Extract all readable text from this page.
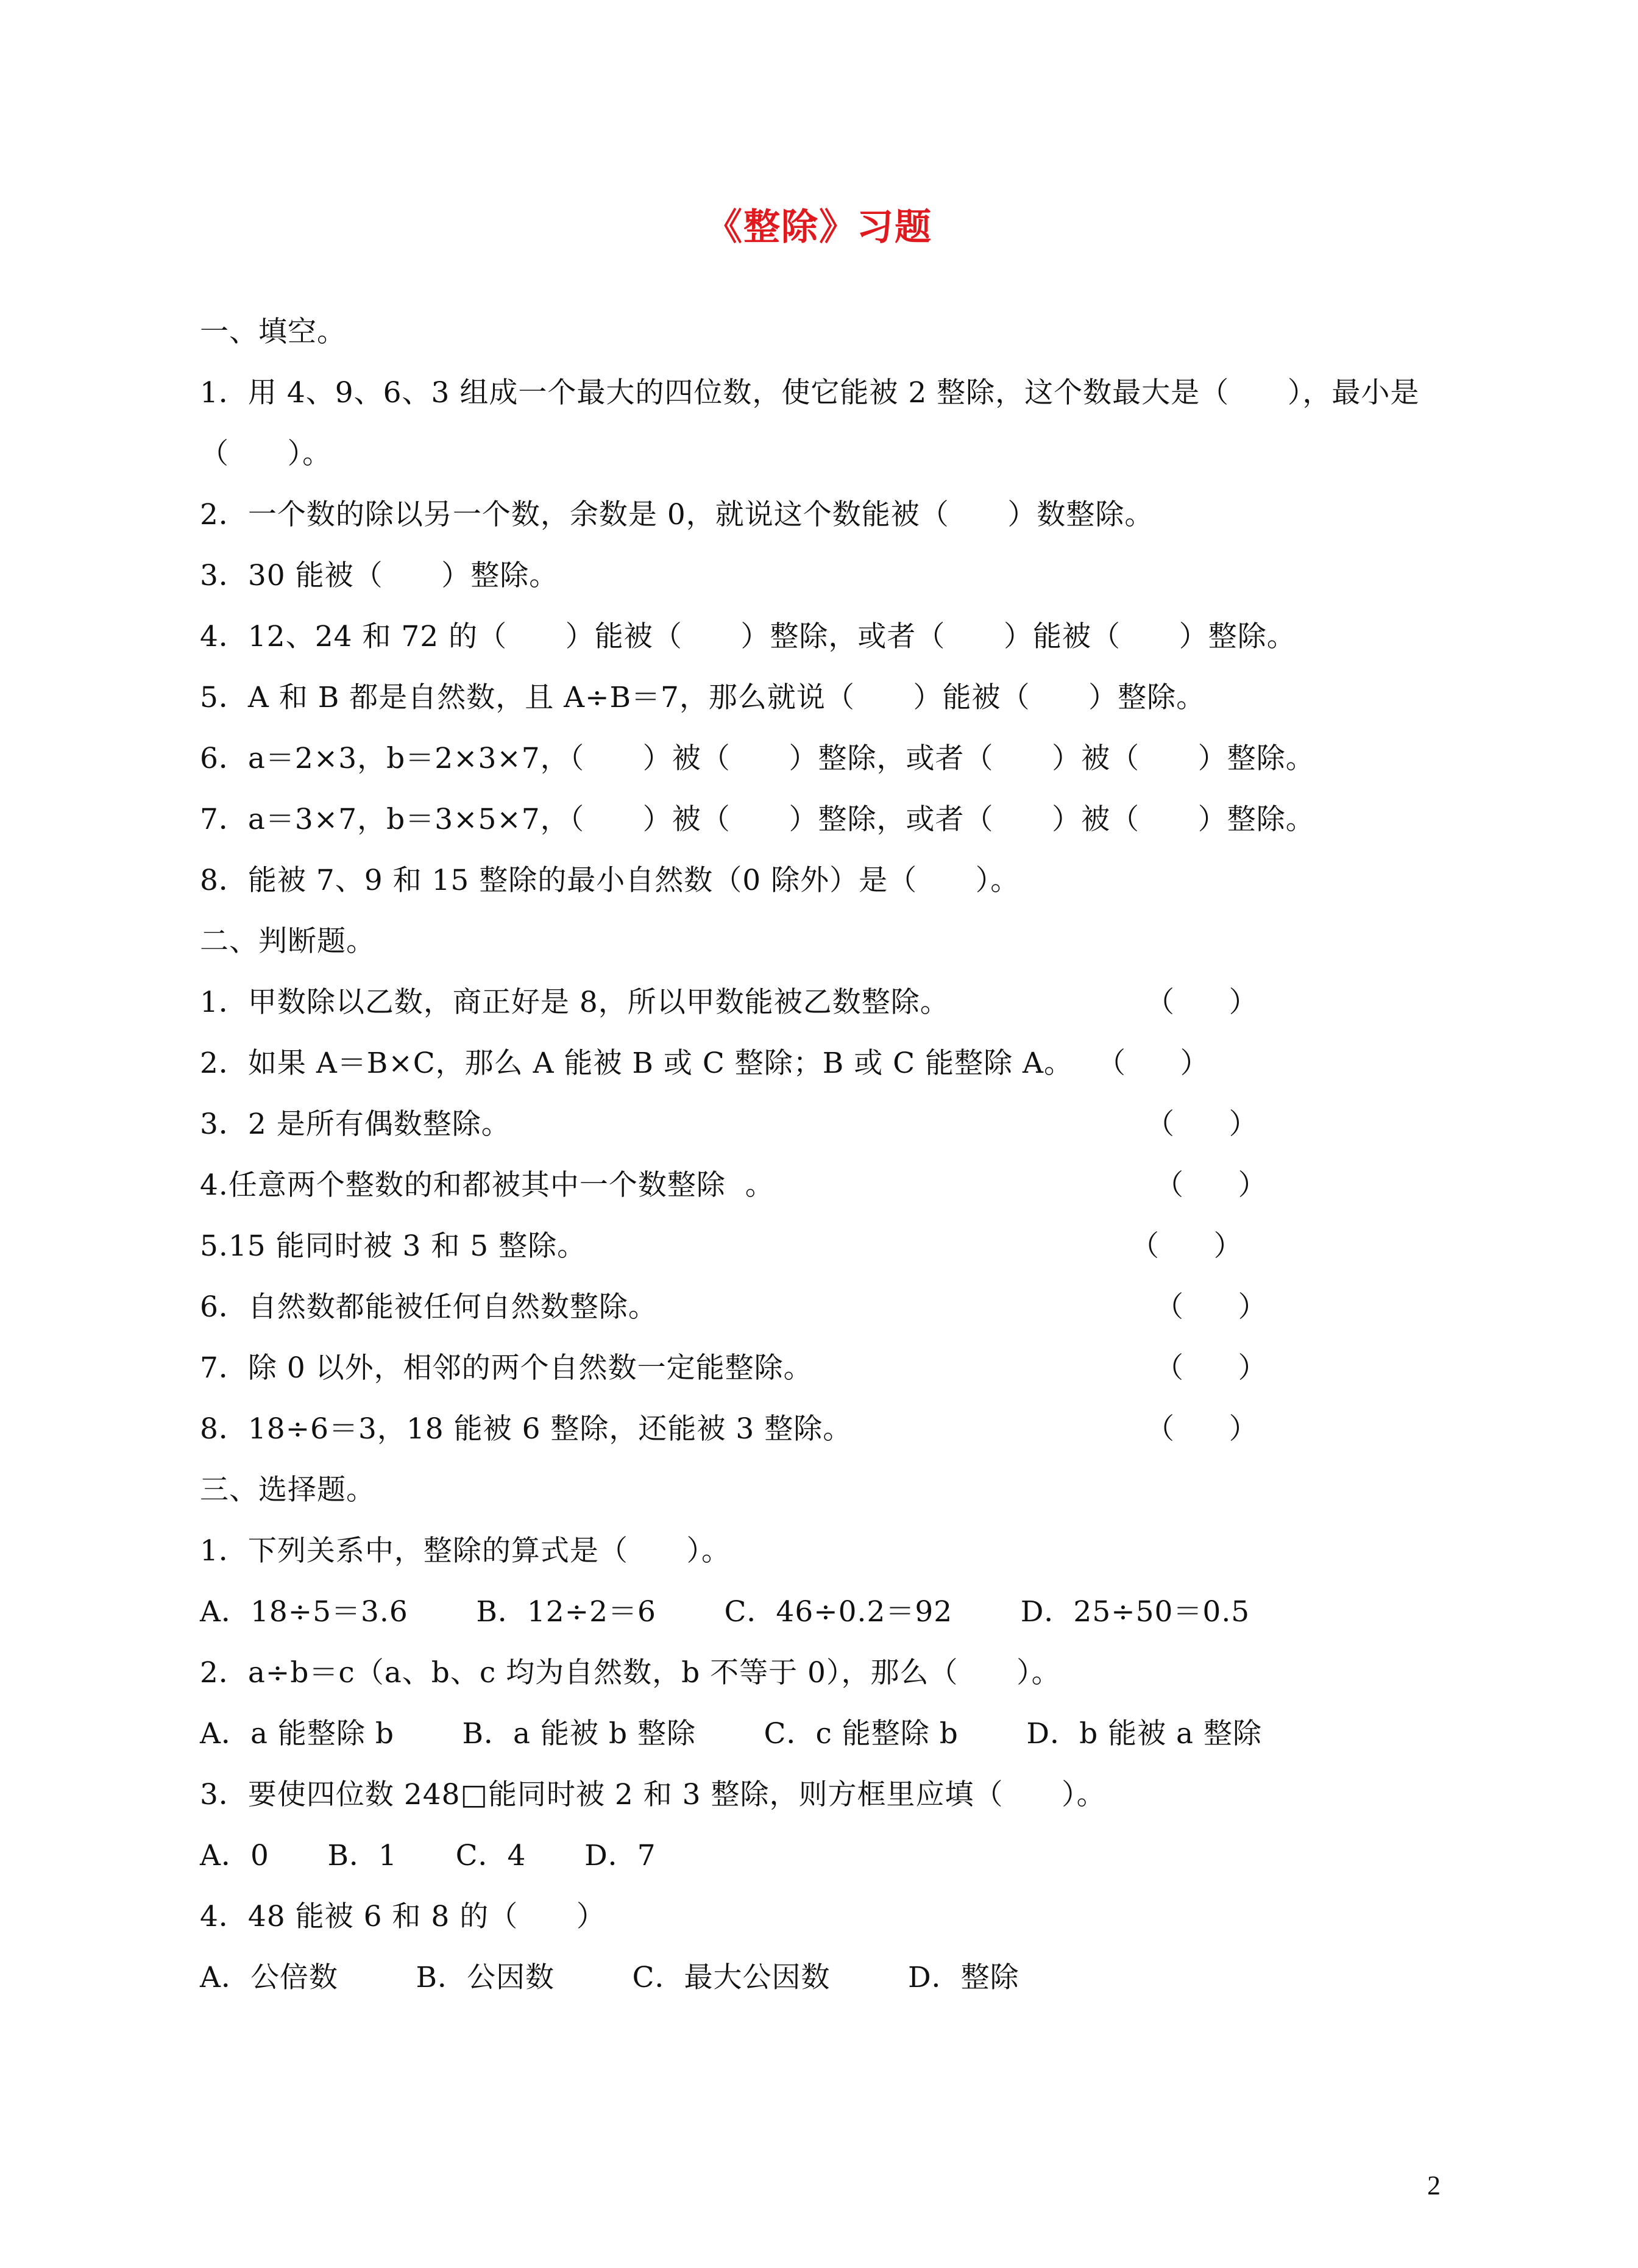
《整除》习题
一、填空。
1．用 4、9、6、3 组成一个最大的四位数，使它能被 2 整除，这个数最大是（      ），最小是
（      ）。
2．一个数的除以另一个数，余数是 0，就说这个数能被（      ）数整除。
3．30 能被（      ）整除。
4．12、24 和 72 的（      ）能被（      ）整除，或者（      ）能被（      ）整除。
5．A 和 B 都是自然数，且 A÷B＝7，那么就说（      ）能被（      ）整除。
6．a＝2×3，b＝2×3×7，（      ）被（      ）整除，或者（      ）被（      ）整除。
7．a＝3×7，b＝3×5×7，（      ）被（      ）整除，或者（      ）被（      ）整除。
8．能被 7、9 和 15 整除的最小自然数（0 除外）是（      ）。
二、判断题。
1．甲数除以乙数，商正好是 8，所以甲数能被乙数整除。	（      ）
2．如果 A＝B×C，那么 A 能被 B 或 C 整除；B 或 C 能整除 A。 （      ）
3．2 是所有偶数整除。	（      ）
4.任意两个整数的和都被其中一个数整除  。	（      ）
5.15 能同时被 3 和 5 整除。	（      ）
6．自然数都能被任何自然数整除。	（      ）
7．除 0 以外，相邻的两个自然数一定能整除。	（      ）
8．18÷6＝3，18 能被 6 整除，还能被 3 整除。	（      ）
三、选择题。
1．下列关系中，整除的算式是（      ）。
A．18÷5＝3.6       B．12÷2＝6       C．46÷0.2＝92       D．25÷50＝0.5
2．a÷b＝c（a、b、c 均为自然数，b 不等于 0），那么（      ）。
A．a 能整除 b       B．a 能被 b 整除       C．c 能整除 b       D．b 能被 a 整除
3．要使四位数 248□能同时被 2 和 3 整除，则方框里应填（      ）。
A．0      B．1      C．4      D．7
4．48 能被 6 和 8 的（      ）
A．公倍数        B．公因数        C．最大公因数        D．整除
2
